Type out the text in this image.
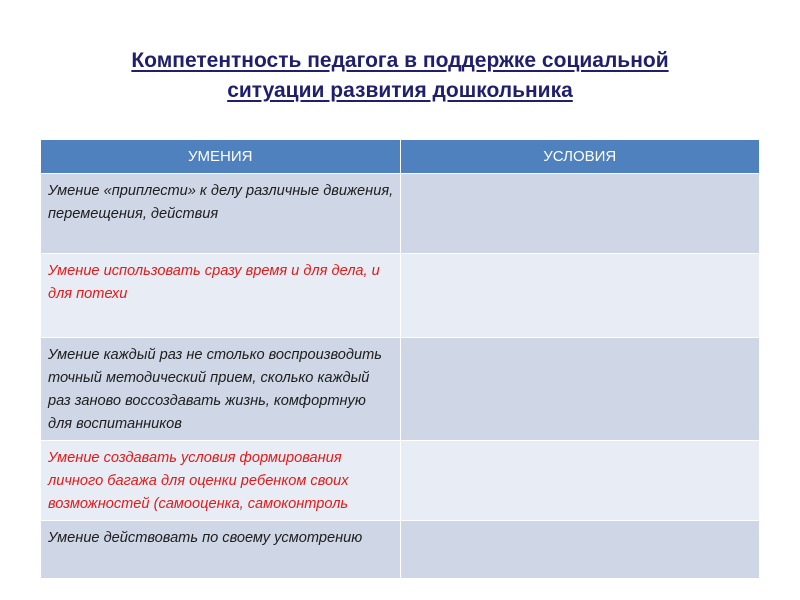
Компетентность педагога в поддержке социальной
ситуации развития дошкольника
УМЕНИЯ	УСЛОВИЯ
Умение «приплести» к делу различные движения, перемещения, действия	
Умение использовать сразу время и для дела, и для потехи	
Умение каждый раз не столько воспроизводить точный методический прием, сколько каждый раз заново воссоздавать жизнь, комфортную для воспитанников	
Умение создавать условия формирования личного багажа для оценки ребенком своих возможностей (самооценка, самоконтроль	
Умение действовать по своему усмотрению	
